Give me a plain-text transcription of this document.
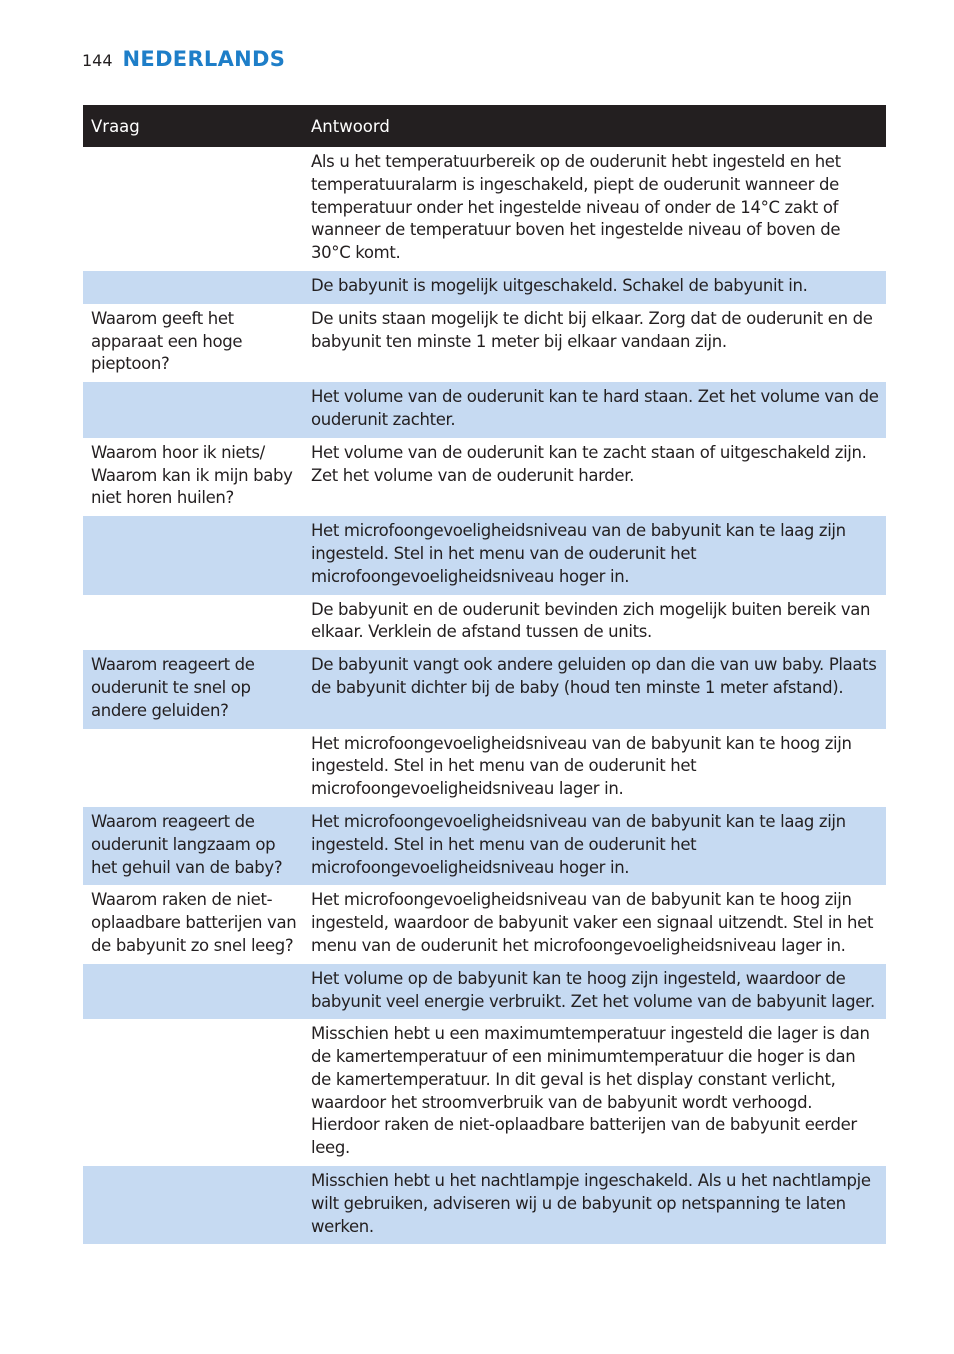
144 NEDERLANDS
Vraag	Antwoord
	Als u het temperatuurbereik op de ouderunit hebt ingesteld en het temperatuuralarm is ingeschakeld, piept de ouderunit wanneer de temperatuur onder het ingestelde niveau of onder de 14°C zakt of wanneer de temperatuur boven het ingestelde niveau of boven de 30°C komt.
	De babyunit is mogelijk uitgeschakeld. Schakel de babyunit in.
Waarom geeft het apparaat een hoge pieptoon?	De units staan mogelijk te dicht bij elkaar. Zorg dat de ouderunit en de babyunit ten minste 1 meter bij elkaar vandaan zijn.
	Het volume van de ouderunit kan te hard staan. Zet het volume van de ouderunit zachter.
Waarom hoor ik niets/ Waarom kan ik mijn baby niet horen huilen?	Het volume van de ouderunit kan te zacht staan of uitgeschakeld zijn. Zet het volume van de ouderunit harder.
	Het microfoongevoeligheidsniveau van de babyunit kan te laag zijn ingesteld. Stel in het menu van de ouderunit het microfoongevoeligheidsniveau hoger in.
	De babyunit en de ouderunit bevinden zich mogelijk buiten bereik van elkaar. Verklein de afstand tussen de units.
Waarom reageert de ouderunit te snel op andere geluiden?	De babyunit vangt ook andere geluiden op dan die van uw baby. Plaats de babyunit dichter bij de baby (houd ten minste 1 meter afstand).
	Het microfoongevoeligheidsniveau van de babyunit kan te hoog zijn ingesteld. Stel in het menu van de ouderunit het microfoongevoeligheidsniveau lager in.
Waarom reageert de ouderunit langzaam op het gehuil van de baby?	Het microfoongevoeligheidsniveau van de babyunit kan te laag zijn ingesteld. Stel in het menu van de ouderunit het microfoongevoeligheidsniveau hoger in.
Waarom raken de niet-oplaadbare batterijen van de babyunit zo snel leeg?	Het microfoongevoeligheidsniveau van de babyunit kan te hoog zijn ingesteld, waardoor de babyunit vaker een signaal uitzendt. Stel in het menu van de ouderunit het microfoongevoeligheidsniveau lager in.
	Het volume op de babyunit kan te hoog zijn ingesteld, waardoor de babyunit veel energie verbruikt. Zet het volume van de babyunit lager.
	Misschien hebt u een maximumtemperatuur ingesteld die lager is dan de kamertemperatuur of een minimumtemperatuur die hoger is dan de kamertemperatuur. In dit geval is het display constant verlicht, waardoor het stroomverbruik van de babyunit wordt verhoogd. Hierdoor raken de niet-oplaadbare batterijen van de babyunit eerder leeg.
	Misschien hebt u het nachtlampje ingeschakeld. Als u het nachtlampje wilt gebruiken, adviseren wij u de babyunit op netspanning te laten werken.
